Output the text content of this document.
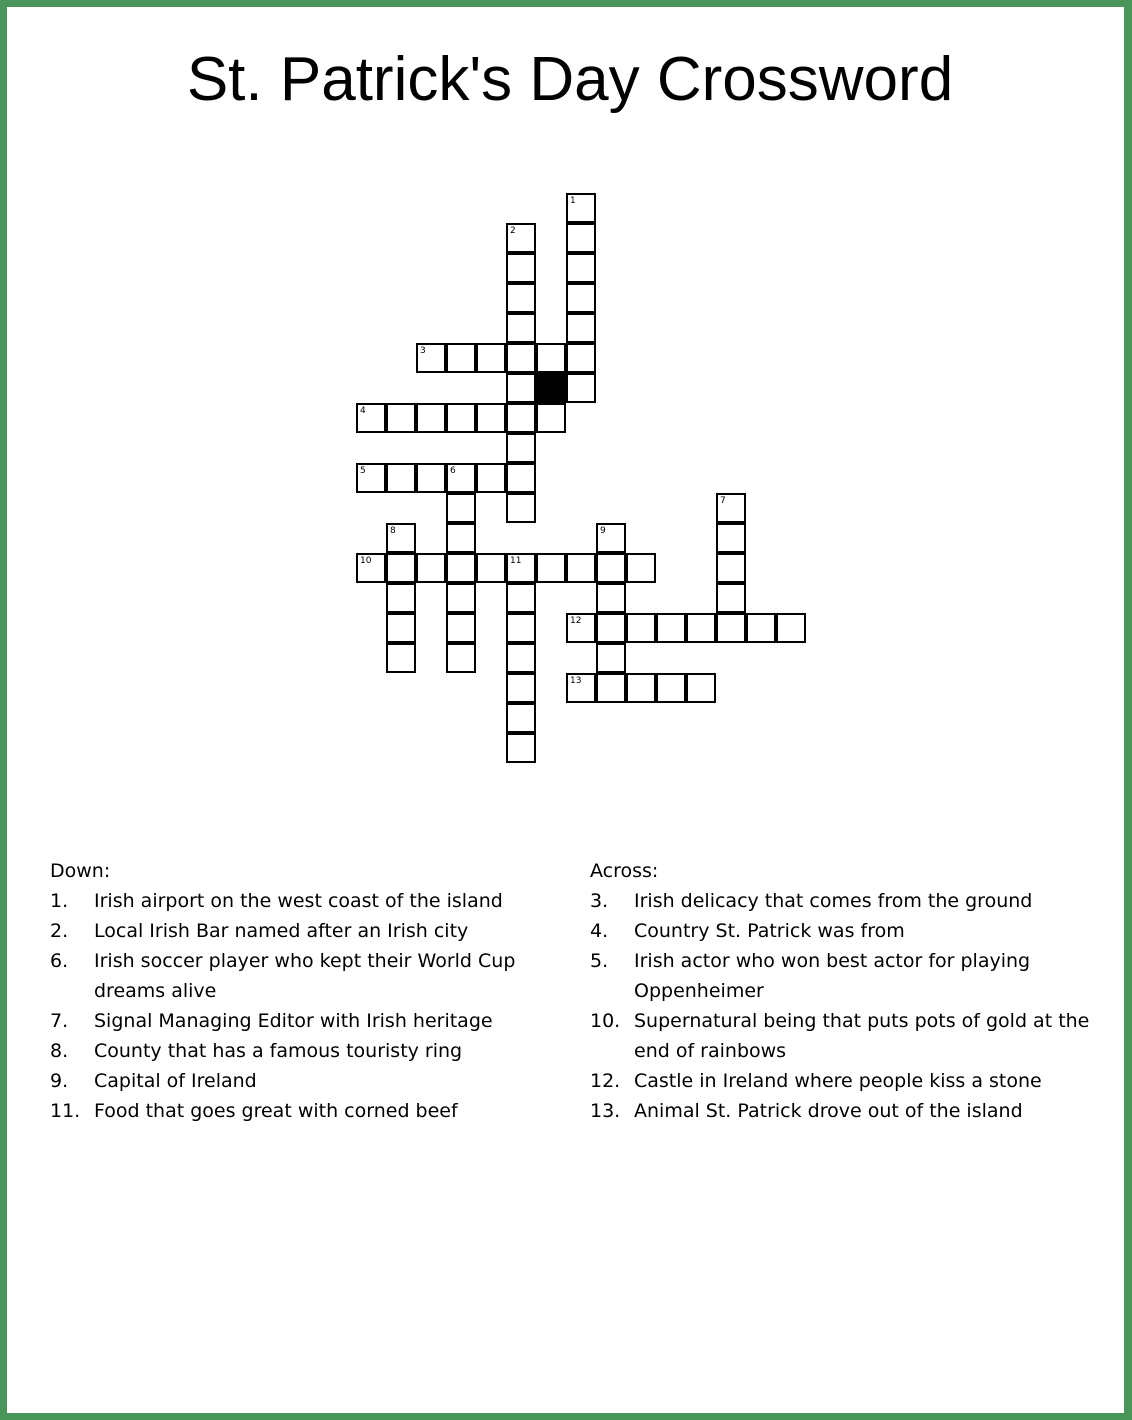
St. Patrick's Day Crossword
1
2
3
4
5	6
7
8	9
10	11
12
13
Down:
1.	Irish airport on the west coast of the island
2.	Local Irish Bar named after an Irish city
6.	Irish soccer player who kept their World Cup dreams alive
7.	Signal Managing Editor with Irish heritage
8.	County that has a famous touristy ring
9.	Capital of Ireland
11. Food that goes great with corned beef
Across:
3.	Irish delicacy that comes from the ground
4.	Country St. Patrick was from
5.	Irish actor who won best actor for playing Oppenheimer
10. Supernatural being that puts pots of gold at the end of rainbows
12. Castle in Ireland where people kiss a stone
13. Animal St. Patrick drove out of the island
